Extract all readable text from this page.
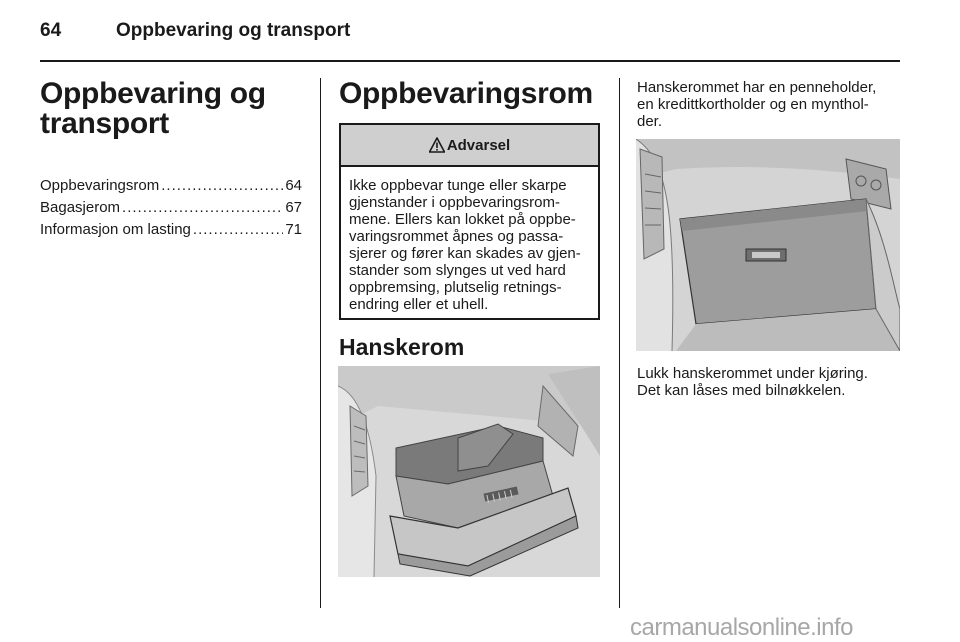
64	Oppbevaring og transport
Oppbevaring og
transport
Oppbevaringsrom .....	64
Bagasjerom .....	67
Informasjon om lasting .....	71
Oppbevaringsrom
Advarsel
Ikke oppbevar tunge eller skarpe
gjenstander i oppbevaringsrom-
mene. Ellers kan lokket på oppbe-
varingsrommet åpnes og passa-
sjerer og fører kan skades av gjen-
stander som slynges ut ved hard
oppbremsing, plutselig retnings-
endring eller et uhell.
Hanskerom
Hanskerommet har en penneholder,
en kredittkortholder og en mynthol-
der.
Lukk hanskerommet under kjøring.
Det kan låses med bilnøkkelen.
carmanualsonline.info
